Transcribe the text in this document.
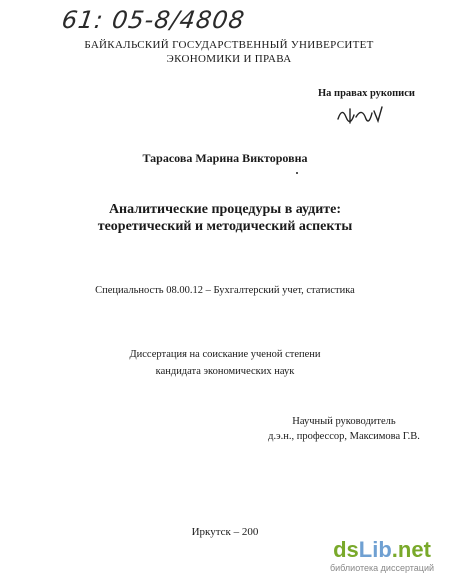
61: 05-8/4808
БАЙКАЛЬСКИЙ ГОСУДАРСТВЕННЫЙ УНИВЕРСИТЕТ
ЭКОНОМИКИ И ПРАВА
На правах рукописи
Тарасова Марина Викторовна
Аналитические процедуры в аудите:
теоретический и методический аспекты
Специальность 08.00.12 – Бухгалтерский учет, статистика
Диссертация на соискание ученой степени
кандидата экономических наук
Научный руководитель
д.э.н., профессор, Максимова Г.В.
Иркутск – 200
dsLib.net
библиотека диссертаций
